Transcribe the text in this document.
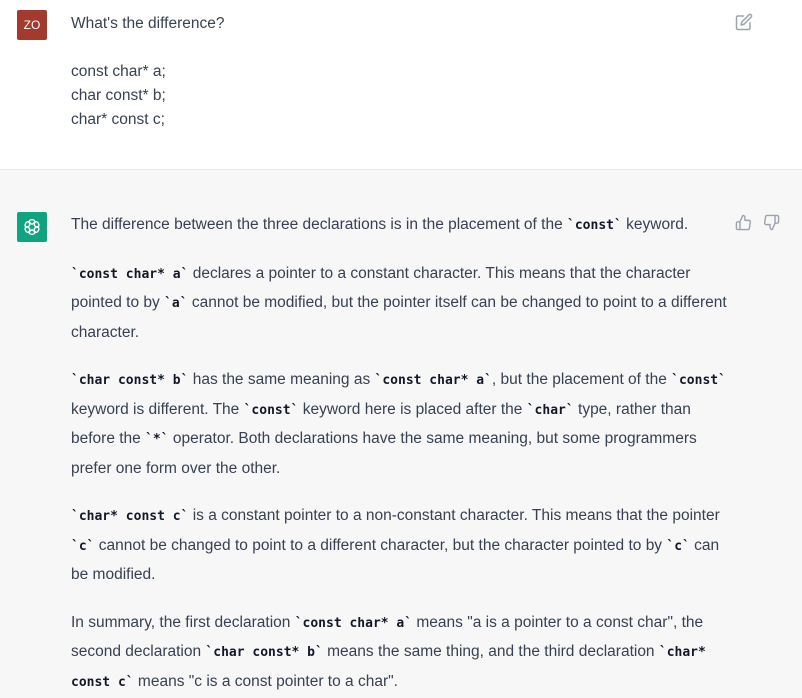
ZO	What's the difference?

const char* a;

char const* b;

char* const c;

The difference between the three declarations is in the placement of the `const` keyword.

`const char* a` declares a pointer to a constant character. This means that the character pointed to by `a` cannot be modified, but the pointer itself can be changed to point to a different character.

`char const* b` has the same meaning as `const char* a`, but the placement of the `const` keyword is different. The `const` keyword here is placed after the `char` type, rather than before the `*` operator. Both declarations have the same meaning, but some programmers prefer one form over the other.

`char* const c` is a constant pointer to a non-constant character. This means that the pointer `c` cannot be changed to point to a different character, but the character pointed to by `c` can be modified.

In summary, the first declaration `const char* a` means "a is a pointer to a const char", the second declaration `char const* b` means the same thing, and the third declaration `char* const c` means "c is a const pointer to a char".
